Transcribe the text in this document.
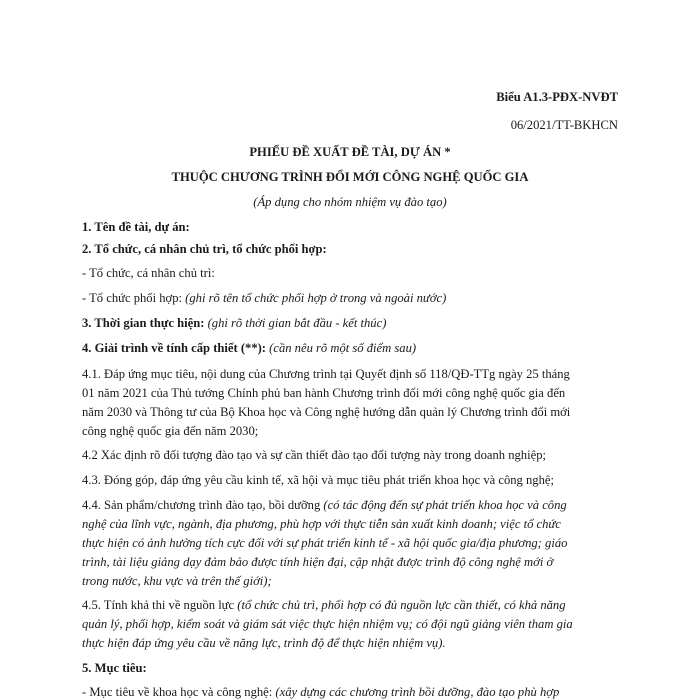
Biểu A1.3-PĐX-NVĐT
06/2021/TT-BKHCN
PHIẾU ĐỀ XUẤT ĐỀ TÀI, DỰ ÁN *
THUỘC CHƯƠNG TRÌNH ĐỔI MỚI CÔNG NGHỆ QUỐC GIA
(Áp dụng cho nhóm nhiệm vụ đào tạo)
1. Tên đề tài, dự án:
2. Tổ chức, cá nhân chủ trì, tổ chức phối hợp:
- Tổ chức, cá nhân chủ trì:
- Tổ chức phối hợp: (ghi rõ tên tổ chức phối hợp ở trong và ngoài nước)
3. Thời gian thực hiện: (ghi rõ thời gian bắt đầu - kết thúc)
4. Giải trình về tính cấp thiết (**): (cần nêu rõ một số điểm sau)
4.1. Đáp ứng mục tiêu, nội dung của Chương trình tại Quyết định số 118/QĐ-TTg ngày 25 tháng
01 năm 2021 của Thủ tướng Chính phủ ban hành Chương trình đổi mới công nghệ quốc gia đến
năm 2030 và Thông tư của Bộ Khoa học và Công nghệ hướng dẫn quản lý Chương trình đổi mới
công nghệ quốc gia đến năm 2030;
4.2 Xác định rõ đối tượng đào tạo và sự cần thiết đào tạo đối tượng này trong doanh nghiệp;
4.3. Đóng góp, đáp ứng yêu cầu kinh tế, xã hội và mục tiêu phát triển khoa học và công nghệ;
4.4. Sản phẩm/chương trình đào tạo, bồi dưỡng (có tác động đến sự phát triển khoa học và công
nghệ của lĩnh vực, ngành, địa phương, phù hợp với thực tiễn sản xuất kinh doanh; việc tổ chức
thực hiện có ảnh hưởng tích cực đối với sự phát triển kinh tế - xã hội quốc gia/địa phương; giáo
trình, tài liệu giảng dạy đảm bảo được tính hiện đại, cập nhật được trình độ công nghệ mới ở
trong nước, khu vực và trên thế giới);
4.5. Tính khả thi về nguồn lực (tổ chức chủ trì, phối hợp có đủ nguồn lực cần thiết, có khả năng
quản lý, phối hợp, kiểm soát và giám sát việc thực hiện nhiệm vụ; có đội ngũ giảng viên tham gia
thực hiện đáp ứng yêu cầu về năng lực, trình độ để thực hiện nhiệm vụ).
5. Mục tiêu:
- Mục tiêu về khoa học và công nghệ: (xây dựng các chương trình bồi dưỡng, đào tạo phù hợp
